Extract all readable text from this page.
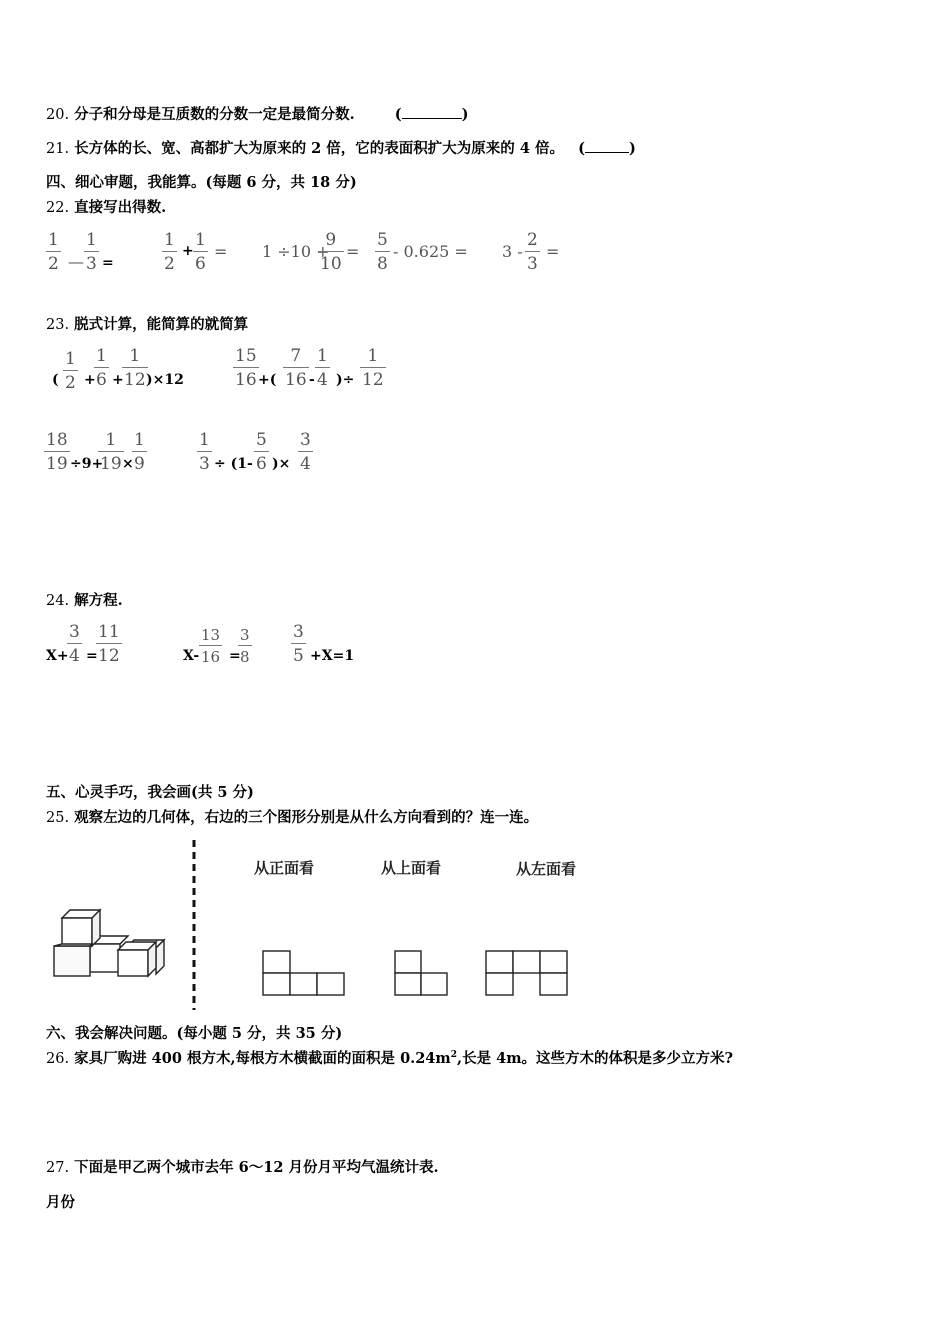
20. 分子和分母是互质数的分数一定是最简分数.	(	)
21. 长方体的长、宽、高都扩大为原来的 2 倍，它的表面积扩大为原来的 4 倍。 (	)
四、细心审题，我能算。(每题 6 分，共 18 分)
22. 直接写出得数.
1
2 —
1
3 =
1
2
+
1
6
= 1 ÷10 +
9
10
=
5
8
- 0.625 = 3 -
2
3
=
23. 脱式计算，能简算的就简算
(
1
2 +
1
6 +
1
12 )×12
15
16 +(
7
16 -
1
4 )÷
1
12
18
19 ÷9+
1
19 ×
1
9
1
3 ÷ (1-
5
6 )×
3
4
24. 解方程.
X+
3
4 =
11
12	X-
13
16 =
3
8
3
5 +X=1
五、心灵手巧，我会画(共 5 分)
25. 观察左边的几何体，右边的三个图形分别是从什么方向看到的？连一连。
从正面看	从上面看	从左面看
六、我会解决问题。(每小题 5 分，共 35 分)
26. 家具厂购进 400 根方木,每根方木横截面的面积是 $0.24m^2$,长是 4m。这些方木的体积是多少立方米?
27. 下面是甲乙两个城市去年 6～12 月份月平均气温统计表.
月份
